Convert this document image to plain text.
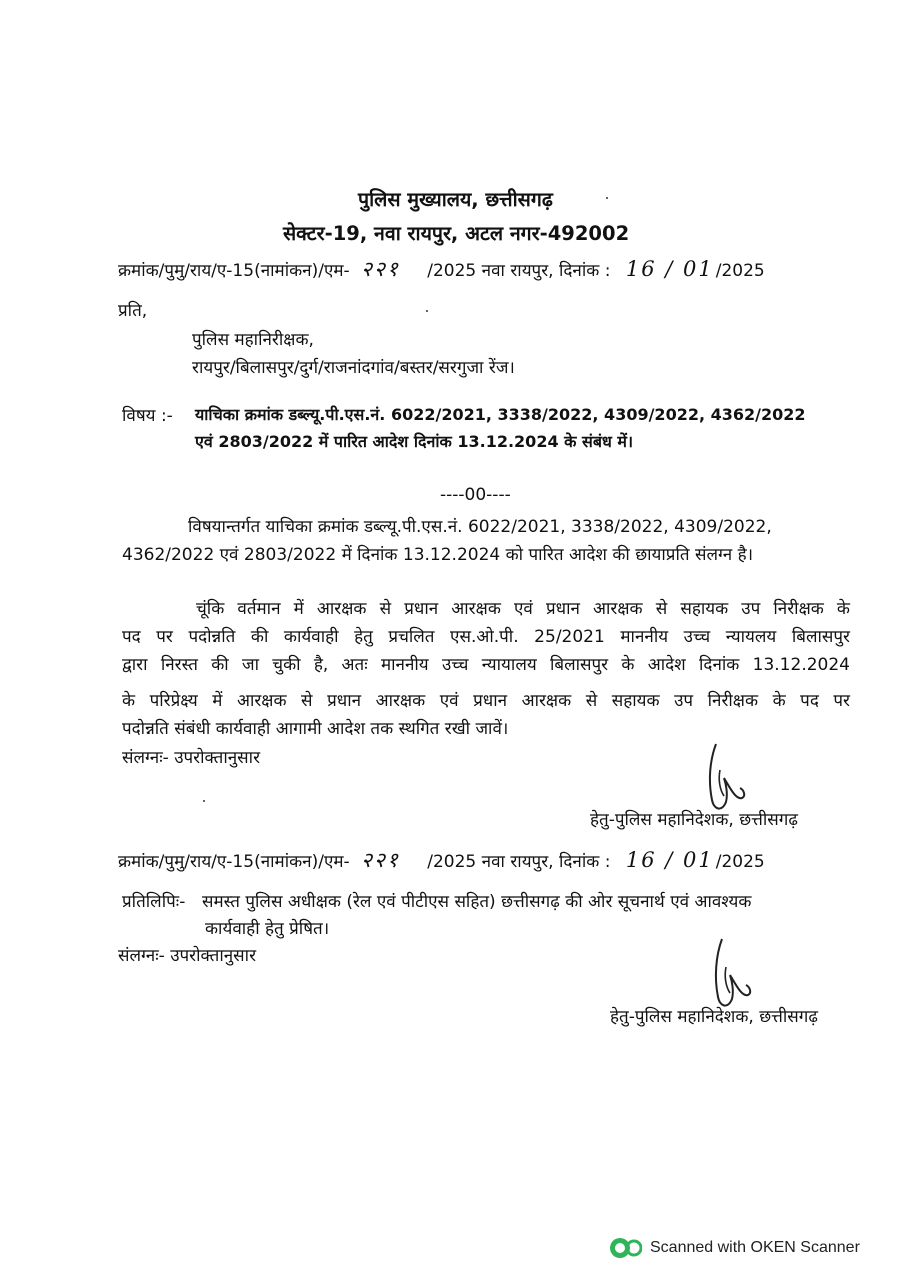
पुलिस मुख्यालय, छत्तीसगढ़
सेक्टर-19, नवा रायपुर, अटल नगर-492002
क्रमांक/पुमु/राय/ए-15(नामांकन)/एम- २२१ /2025 नवा रायपुर, दिनांक : 16 / 01 /2025
प्रति,
पुलिस महानिरीक्षक,
रायपुर/बिलासपुर/दुर्ग/राजनांदगांव/बस्तर/सरगुजा रेंज।
विषय :- याचिका क्रमांक डब्ल्यू.पी.एस.नं. 6022/2021, 3338/2022, 4309/2022, 4362/2022
एवं 2803/2022 में पारित आदेश दिनांक 13.12.2024 के संबंध में।
----00----
विषयान्तर्गत याचिका क्रमांक डब्ल्यू.पी.एस.नं. 6022/2021, 3338/2022, 4309/2022,
4362/2022 एवं 2803/2022 में दिनांक 13.12.2024 को पारित आदेश की छायाप्रति संलग्न है।
चूंकि वर्तमान में आरक्षक से प्रधान आरक्षक एवं प्रधान आरक्षक से सहायक उप निरीक्षक के
पद पर पदोन्नति की कार्यवाही हेतु प्रचलित एस.ओ.पी. 25/2021 माननीय उच्च न्यायलय बिलासपुर
द्वारा निरस्त की जा चुकी है, अतः माननीय उच्च न्यायालय बिलासपुर के आदेश दिनांक 13.12.2024
के परिप्रेक्ष्य में आरक्षक से प्रधान आरक्षक एवं प्रधान आरक्षक से सहायक उप निरीक्षक के पद पर
पदोन्नति संबंधी कार्यवाही आगामी आदेश तक स्थगित रखी जावें।
संलग्नः- उपरोक्तानुसार
हेतु-पुलिस महानिदेशक, छत्तीसगढ़
क्रमांक/पुमु/राय/ए-15(नामांकन)/एम- २२१ /2025 नवा रायपुर, दिनांक : 16 / 01 /2025
प्रतिलिपिः- समस्त पुलिस अधीक्षक (रेल एवं पीटीएस सहित) छत्तीसगढ़ की ओर सूचनार्थ एवं आवश्यक
कार्यवाही हेतु प्रेषित।
संलग्नः- उपरोक्तानुसार
हेतु-पुलिस महानिदेशक, छत्तीसगढ़
Scanned with OKEN Scanner
